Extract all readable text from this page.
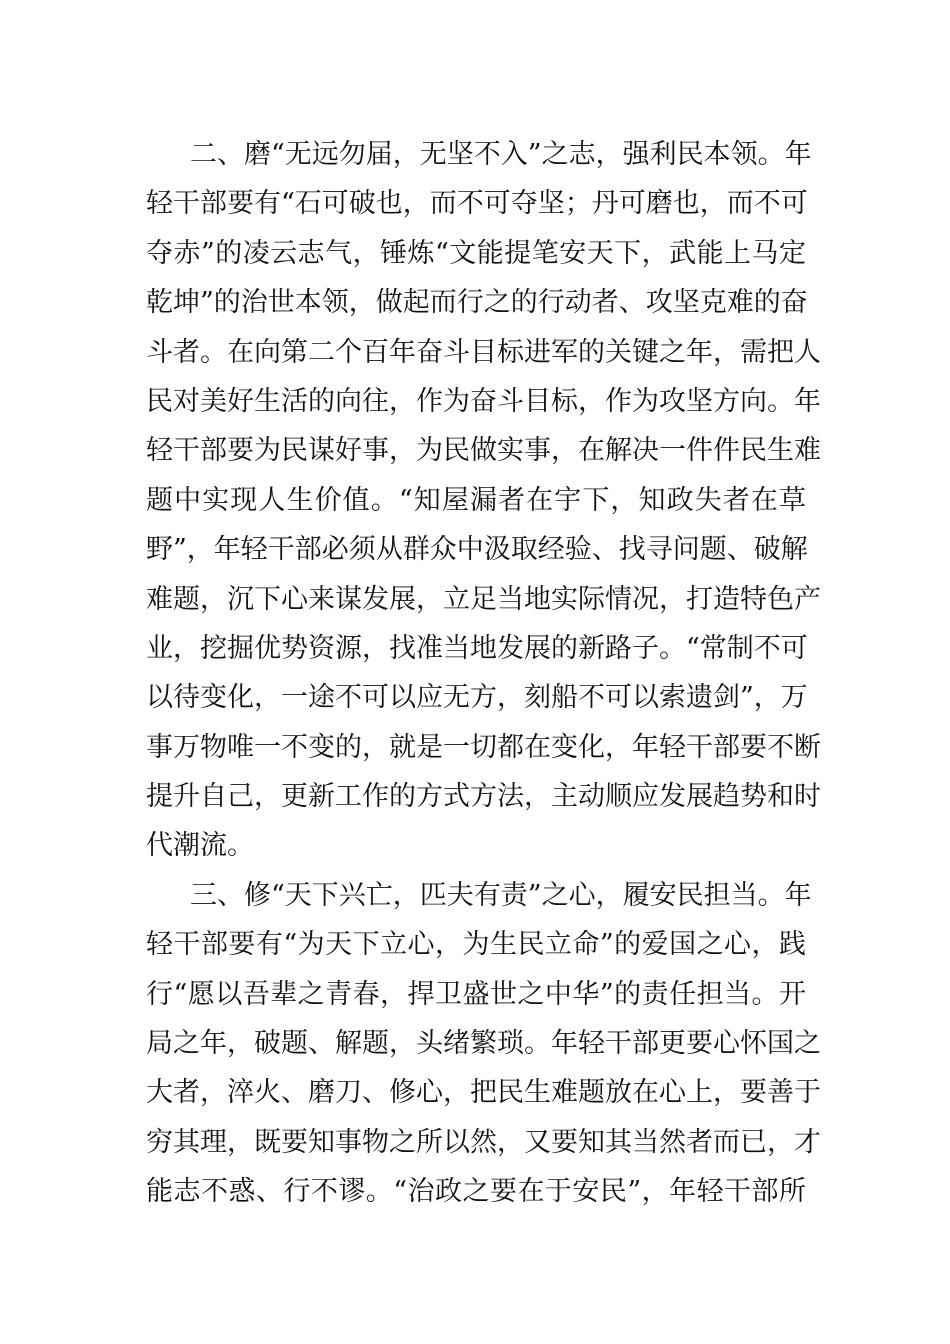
二、磨“无远勿届，无坚不入”之志，强利民本领。年
轻干部要有“石可破也，而不可夺坚；丹可磨也，而不可
夺赤”的凌云志气，锤炼“文能提笔安天下，武能上马定
乾坤”的治世本领，做起而行之的行动者、攻坚克难的奋
斗者。在向第二个百年奋斗目标进军的关键之年，需把人
民对美好生活的向往，作为奋斗目标，作为攻坚方向。年
轻干部要为民谋好事，为民做实事，在解决一件件民生难
题中实现人生价值。“知屋漏者在宇下，知政失者在草
野”，年轻干部必须从群众中汲取经验、找寻问题、破解
难题，沉下心来谋发展，立足当地实际情况，打造特色产
业，挖掘优势资源，找准当地发展的新路子。“常制不可
以待变化，一途不可以应无方，刻船不可以索遗剑”，万
事万物唯一不变的，就是一切都在变化，年轻干部要不断
提升自己，更新工作的方式方法，主动顺应发展趋势和时
代潮流。
三、修“天下兴亡，匹夫有责”之心，履安民担当。年
轻干部要有“为天下立心，为生民立命”的爱国之心，践
行“愿以吾辈之青春，捍卫盛世之中华”的责任担当。开
局之年，破题、解题，头绪繁琐。年轻干部更要心怀国之
大者，淬火、磨刀、修心，把民生难题放在心上，要善于
穷其理，既要知事物之所以然，又要知其当然者而已，才
能志不惑、行不谬。“治政之要在于安民”，年轻干部所
